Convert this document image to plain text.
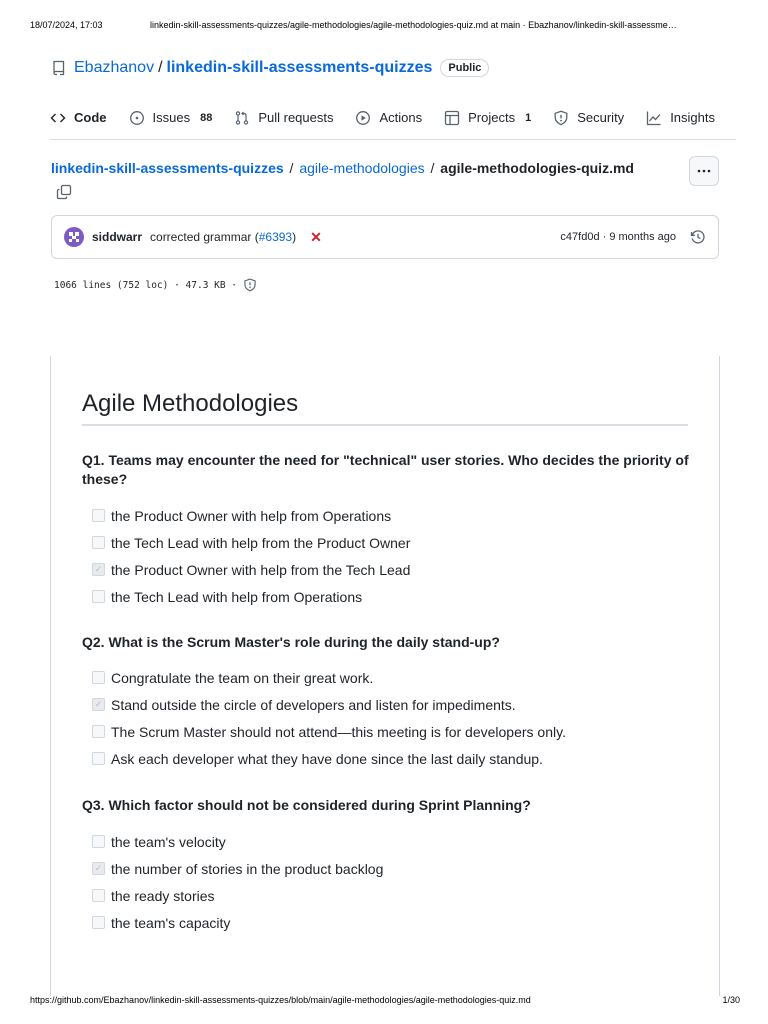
18/07/2024, 17:03	linkedin-skill-assessments-quizzes/agile-methodologies/agile-methodologies-quiz.md at main · Ebazhanov/linkedin-skill-assessme…
Ebazhanov / linkedin-skill-assessments-quizzes	Public
Code	Issues 88	Pull requests	Actions	Projects 1	Security	Insights
linkedin-skill-assessments-quizzes / agile-methodologies / agile-methodologies-quiz.md
siddwarr corrected grammar (#6393) ✕	c47fd0d · 9 months ago
1066 lines (752 loc) · 47.3 KB ·
Agile Methodologies
Q1. Teams may encounter the need for "technical" user stories. Who decides the priority of these?
the Product Owner with help from Operations
the Tech Lead with help from the Product Owner
✓ the Product Owner with help from the Tech Lead
the Tech Lead with help from Operations
Q2. What is the Scrum Master's role during the daily stand-up?
Congratulate the team on their great work.
✓ Stand outside the circle of developers and listen for impediments.
The Scrum Master should not attend—this meeting is for developers only.
Ask each developer what they have done since the last daily standup.
Q3. Which factor should not be considered during Sprint Planning?
the team's velocity
✓ the number of stories in the product backlog
the ready stories
the team's capacity
https://github.com/Ebazhanov/linkedin-skill-assessments-quizzes/blob/main/agile-methodologies/agile-methodologies-quiz.md	1/30
